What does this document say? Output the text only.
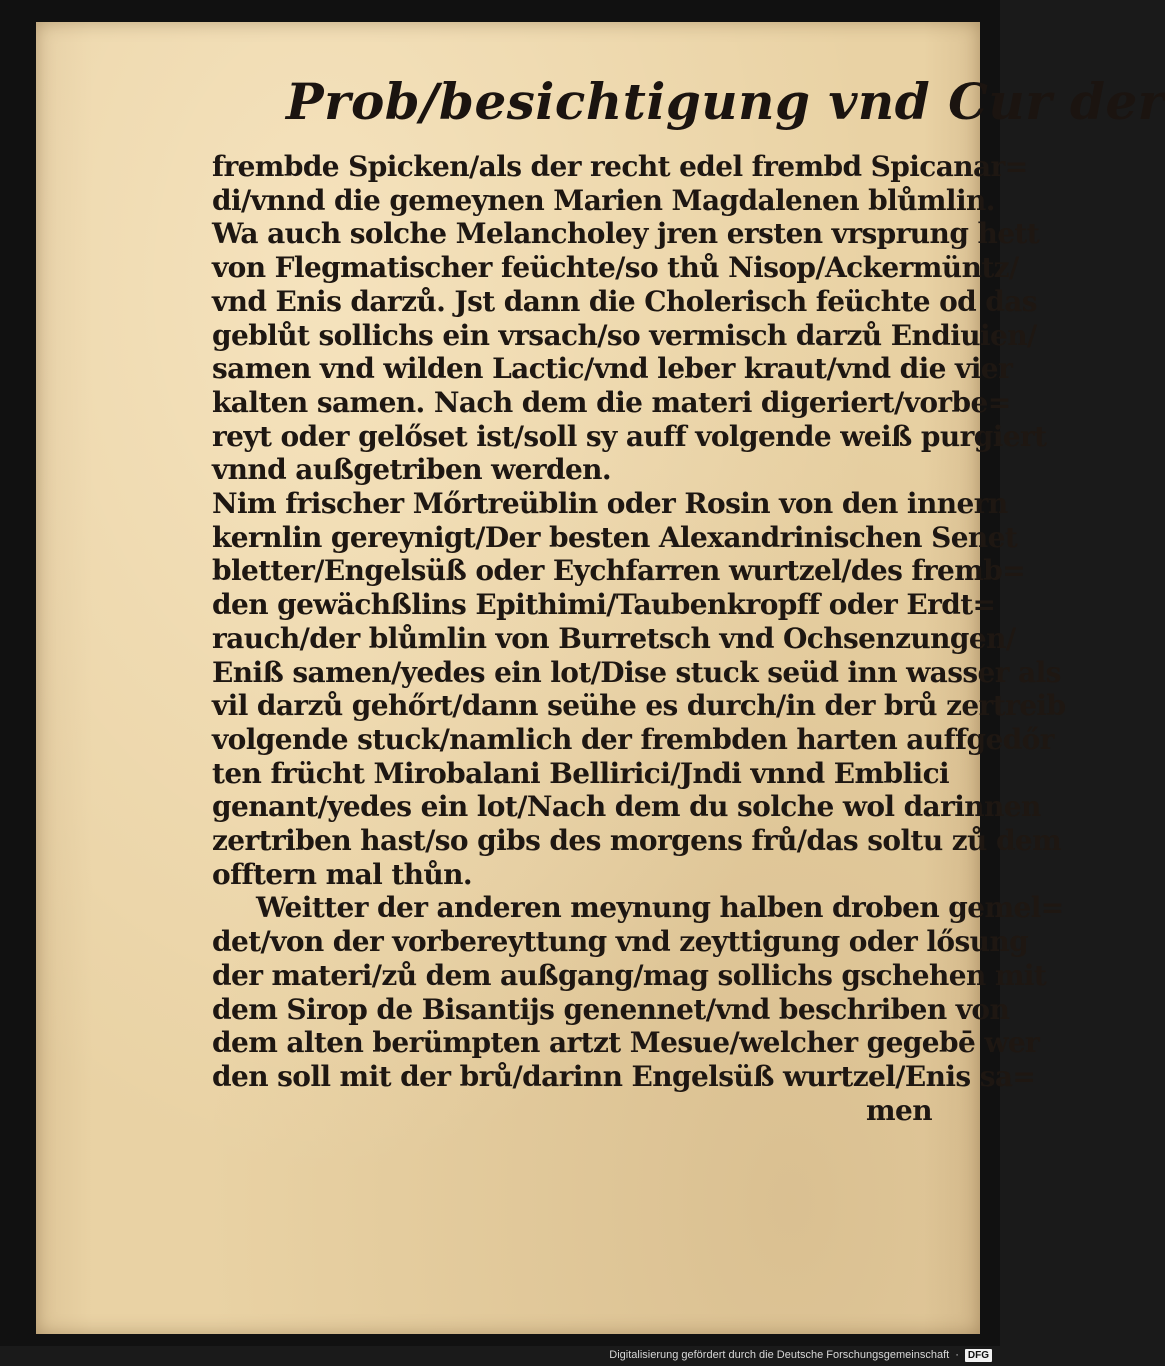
Prob/besichtigung vnd Cur der
frembde Spicken/als der recht edel frembd Spicanar=
di/vnnd die gemeynen Marien Magdalenen blůmlin.
Wa auch solche Melancholey jren ersten vrsprung hett
von Flegmatischer feüchte/so thů Nisop/Ackermüntz/
vnd Enis darzů. Jst dann die Cholerisch feüchte od das
geblůt sollichs ein vrsach/so vermisch darzů Endiuien/
samen vnd wilden Lactic/vnd leber kraut/vnd die vier
kalten samen. Nach dem die materi digeriert/vorbe=
reyt oder gelőset ist/soll sy auff volgende weiß purgiert
vnnd außgetriben werden.
Nim frischer Mőrtreüblin oder Rosin von den innern
kernlin gereynigt/Der besten Alexandrinischen Senet
bletter/Engelsüß oder Eychfarren wurtzel/des fremb=
den gewächßlins Epithimi/Taubenkropff oder Erdt=
rauch/der blůmlin von Burretsch vnd Ochsenzungen/
Eniß samen/yedes ein lot/Dise stuck seüd inn wasser als
vil darzů gehőrt/dann seühe es durch/in der brů zertreib
volgende stuck/namlich der frembden harten auffgedőr
ten frücht Mirobalani Bellirici/Jndi vnnd Emblici
genant/yedes ein lot/Nach dem du solche wol darinnen
zertriben hast/so gibs des morgens frů/das soltu zů dem
offtern mal thůn.
Weitter der anderen meynung halben droben gemel=
det/von der vorbereyttung vnd zeyttigung oder lősung
der materi/zů dem außgang/mag sollichs gschehen mit
dem Sirop de Bisantijs genennet/vnd beschriben von
dem alten berümpten artzt Mesue/welcher gegebē wer
den soll mit der brů/darinn Engelsüß wurtzel/Enis sa=
men
Digitalisierung gefördert durch die Deutsche Forschungsgemeinschaft · DFG
